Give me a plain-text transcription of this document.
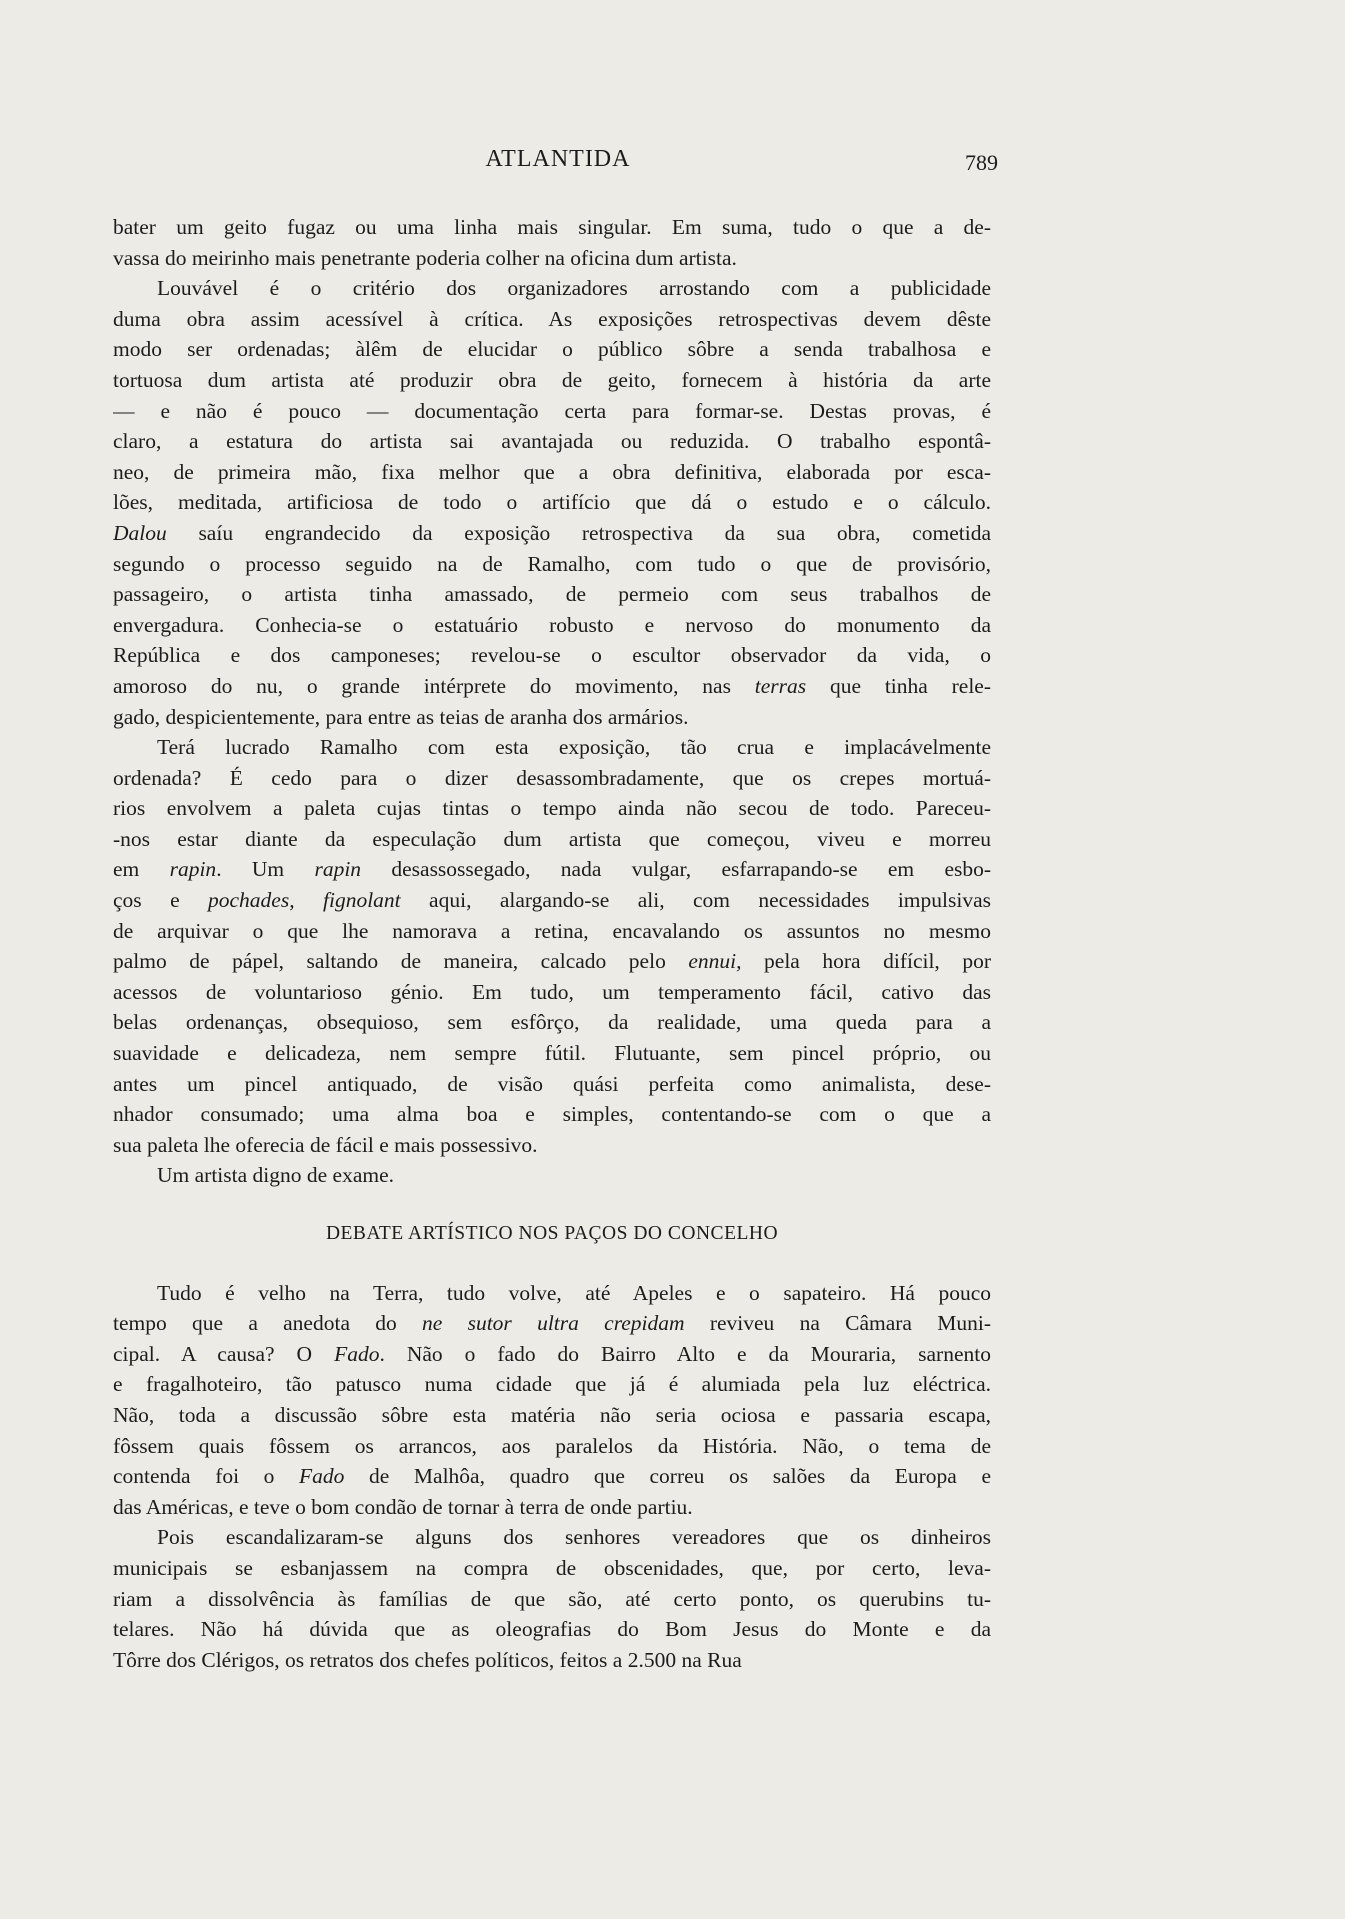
ATLANTIDA	789
bater um geito fugaz ou uma linha mais singular. Em suma, tudo o que a de-
vassa do meirinho mais penetrante poderia colher na oficina dum artista.
Louvável é o critério dos organizadores arrostando com a publicidade
duma obra assim acessível à crítica. As exposições retrospectivas devem dêste
modo ser ordenadas; àlêm de elucidar o público sôbre a senda trabalhosa e
tortuosa dum artista até produzir obra de geito, fornecem à história da arte
— e não é pouco — documentação certa para formar-se. Destas provas, é
claro, a estatura do artista sai avantajada ou reduzida. O trabalho espontâ-
neo, de primeira mão, fixa melhor que a obra definitiva, elaborada por esca-
lões, meditada, artificiosa de todo o artifício que dá o estudo e o cálculo.
Dalou saíu engrandecido da exposição retrospectiva da sua obra, cometida
segundo o processo seguido na de Ramalho, com tudo o que de provisório,
passageiro, o artista tinha amassado, de permeio com seus trabalhos de
envergadura. Conhecia-se o estatuário robusto e nervoso do monumento da
República e dos camponeses; revelou-se o escultor observador da vida, o
amoroso do nu, o grande intérprete do movimento, nas terras que tinha rele-
gado, despicientemente, para entre as teias de aranha dos armários.
Terá lucrado Ramalho com esta exposição, tão crua e implacávelmente
ordenada? É cedo para o dizer desassombradamente, que os crepes mortuá-
rios envolvem a paleta cujas tintas o tempo ainda não secou de todo. Pareceu-
-nos estar diante da especulação dum artista que começou, viveu e morreu
em rapin. Um rapin desassossegado, nada vulgar, esfarrapando-se em esbo-
ços e pochades, fignolant aqui, alargando-se ali, com necessidades impulsivas
de arquivar o que lhe namorava a retina, encavalando os assuntos no mesmo
palmo de pápel, saltando de maneira, calcado pelo ennui, pela hora difícil, por
acessos de voluntarioso génio. Em tudo, um temperamento fácil, cativo das
belas ordenanças, obsequioso, sem esfôrço, da realidade, uma queda para a
suavidade e delicadeza, nem sempre fútil. Flutuante, sem pincel próprio, ou
antes um pincel antiquado, de visão quási perfeita como animalista, dese-
nhador consumado; uma alma boa e simples, contentando-se com o que a
sua paleta lhe oferecia de fácil e mais possessivo.
Um artista digno de exame.
DEBATE ARTÍSTICO NOS PAÇOS DO CONCELHO
Tudo é velho na Terra, tudo volve, até Apeles e o sapateiro. Há pouco
tempo que a anedota do ne sutor ultra crepidam reviveu na Câmara Muni-
cipal. A causa? O Fado. Não o fado do Bairro Alto e da Mouraria, sarnento
e fragalhoteiro, tão patusco numa cidade que já é alumiada pela luz eléctrica.
Não, toda a discussão sôbre esta matéria não seria ociosa e passaria escapa,
fôssem quais fôssem os arrancos, aos paralelos da História. Não, o tema de
contenda foi o Fado de Malhôa, quadro que correu os salões da Europa e
das Américas, e teve o bom condão de tornar à terra de onde partiu.
Pois escandalizaram-se alguns dos senhores vereadores que os dinheiros
municipais se esbanjassem na compra de obscenidades, que, por certo, leva-
riam a dissolvência às famílias de que são, até certo ponto, os querubins tu-
telares. Não há dúvida que as oleografias do Bom Jesus do Monte e da
Tôrre dos Clérigos, os retratos dos chefes políticos, feitos a 2.500 na Rua
